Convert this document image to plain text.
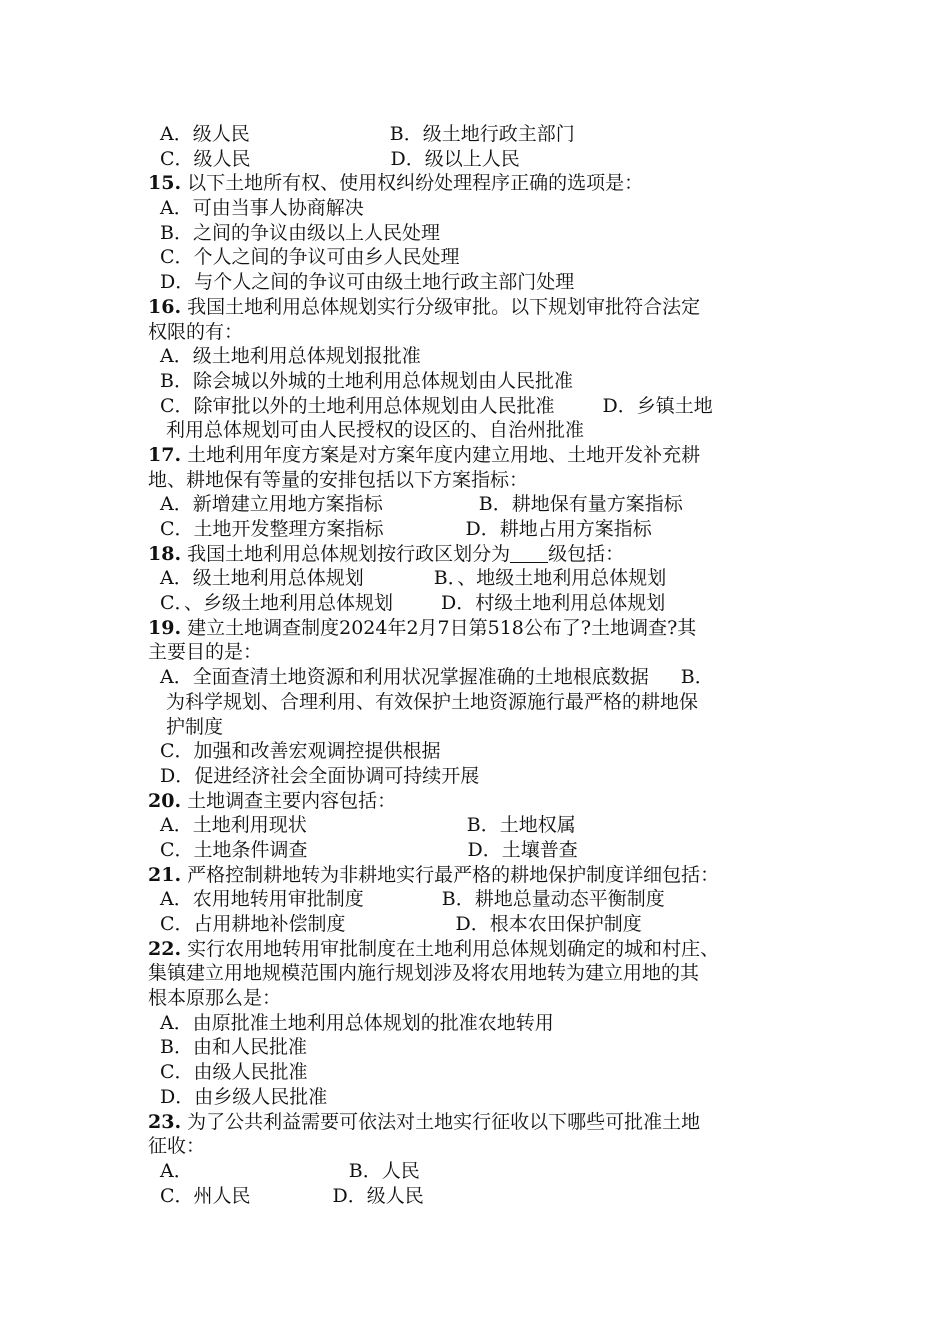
A．级人民	B．级土地行政主部门
C．级人民	D．级以上人民
15. 以下土地所有权、使用权纠纷处理程序正确的选项是：
A．可由当事人协商解决
B．之间的争议由级以上人民处理
C．个人之间的争议可由乡人民处理
D．与个人之间的争议可由级土地行政主部门处理
16. 我国土地利用总体规划实行分级审批。以下规划审批符合法定
权限的有：
A．级土地利用总体规划报批准
B．除会城以外城的土地利用总体规划由人民批准
C．除审批以外的土地利用总体规划由人民批准	D．乡镇土地
利用总体规划可由人民授权的设区的、自治州批准
17. 土地利用年度方案是对方案年度内建立用地、土地开发补充耕
地、耕地保有等量的安排包括以下方案指标：
A．新增建立用地方案指标	B．耕地保有量方案指标
C．土地开发整理方案指标	D．耕地占用方案指标
18. 我国土地利用总体规划按行政区划分为 级包括：
A．级土地利用总体规划	B．、地级土地利用总体规划
C．、乡级土地利用总体规划	D．村级土地利用总体规划
19. 建立土地调查制度2024年2月7日第518公布了?土地调查?其
主要目的是：
A．全面查清土地资源和利用状况掌握准确的土地根底数据 B．
为科学规划、合理利用、有效保护土地资源施行最严格的耕地保
护制度
C．加强和改善宏观调控提供根据
D．促进经济社会全面协调可持续开展
20. 土地调查主要内容包括：
A．土地利用现状	B．土地权属
C．土地条件调查	D．土壤普查
21. 严格控制耕地转为非耕地实行最严格的耕地保护制度详细包括：
A．农用地转用审批制度	B．耕地总量动态平衡制度
C．占用耕地补偿制度	D．根本农田保护制度
22. 实行农用地转用审批制度在土地利用总体规划确定的城和村庄、
集镇建立用地规模范围内施行规划涉及将农用地转为建立用地的其
根本原那么是：
A．由原批准土地利用总体规划的批准农地转用
B．由和人民批准
C．由级人民批准
D．由乡级人民批准
23. 为了公共利益需要可依法对土地实行征收以下哪些可批准土地
征收：
A．	B．人民
C．州人民	D．级人民
